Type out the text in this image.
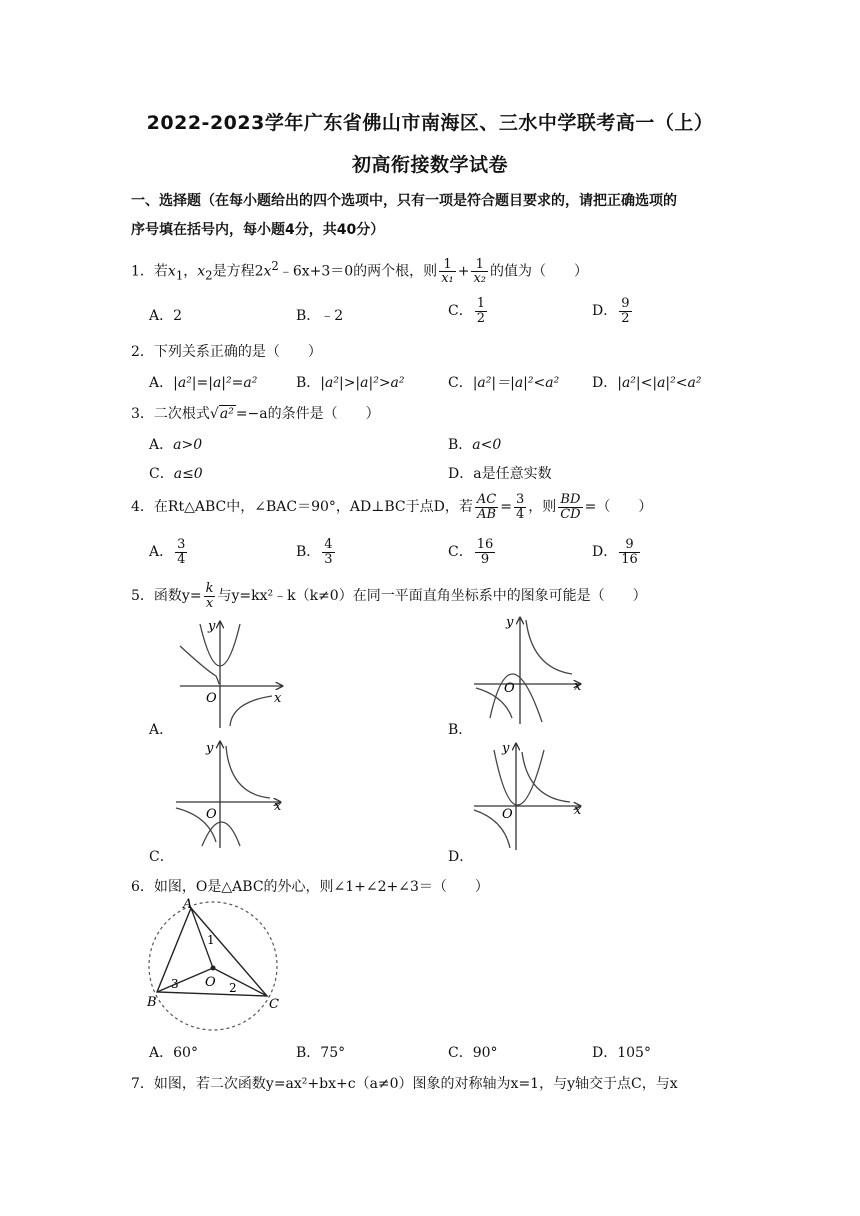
2022-2023学年广东省佛山市南海区、三水中学联考高一（上）
初高衔接数学试卷
一、选择题（在每小题给出的四个选项中，只有一项是符合题目要求的，请把正确选项的
序号填在括号内，每小题4分，共40分）
1．若$x_1$，$x_2$是方程$2x^2﹣6x+3=0$的两个根，则 $\frac{1}{\text{x₁}} + \frac{1}{\text{x₂}}$ 的值为（　　）
A．2	B．﹣2	C． $\frac{1}{2}$	D． $\frac{9}{2}$
2．下列关系正确的是（　　）
A．|a²|=|a|²=a²	B．|a²|>|a|²>a²	C．|a²|＝|a|²<a² D．|a²|<|a|²<a²
3．二次根式√a² =−a的条件是（　　）
A．a>0	B．a<0
C．a≤0	D．a是任意实数
4．在Rt△ABC中，∠BAC＝90°，AD⊥BC于点D，若 $\frac{AC}{AB} = \frac{3}{4}$ ，则 $\frac{BD}{CD}$ =（　　）
A． $\frac{3}{4}$	B． $\frac{4}{3}$	C． $\frac{16}{9}$	D． $\frac{9}{16}$
5．函数$y= \frac{k}{x}$ 与y=kx²﹣k（k≠0）在同一平面直角坐标系中的图象可能是（　　）
y
x
O
A．
y
x
O
B．
y
x
O
C．
y
x
O
D．
6．如图，O是△ABC的外心，则∠1+∠2+∠3＝（　　）
A
B	C
O
1
2
3
A．60°	B．75°	C．90°	D．105°
7．如图，若二次函数y=ax²+bx+c（a≠0）图象的对称轴为x=1，与y轴交于点C，与x
